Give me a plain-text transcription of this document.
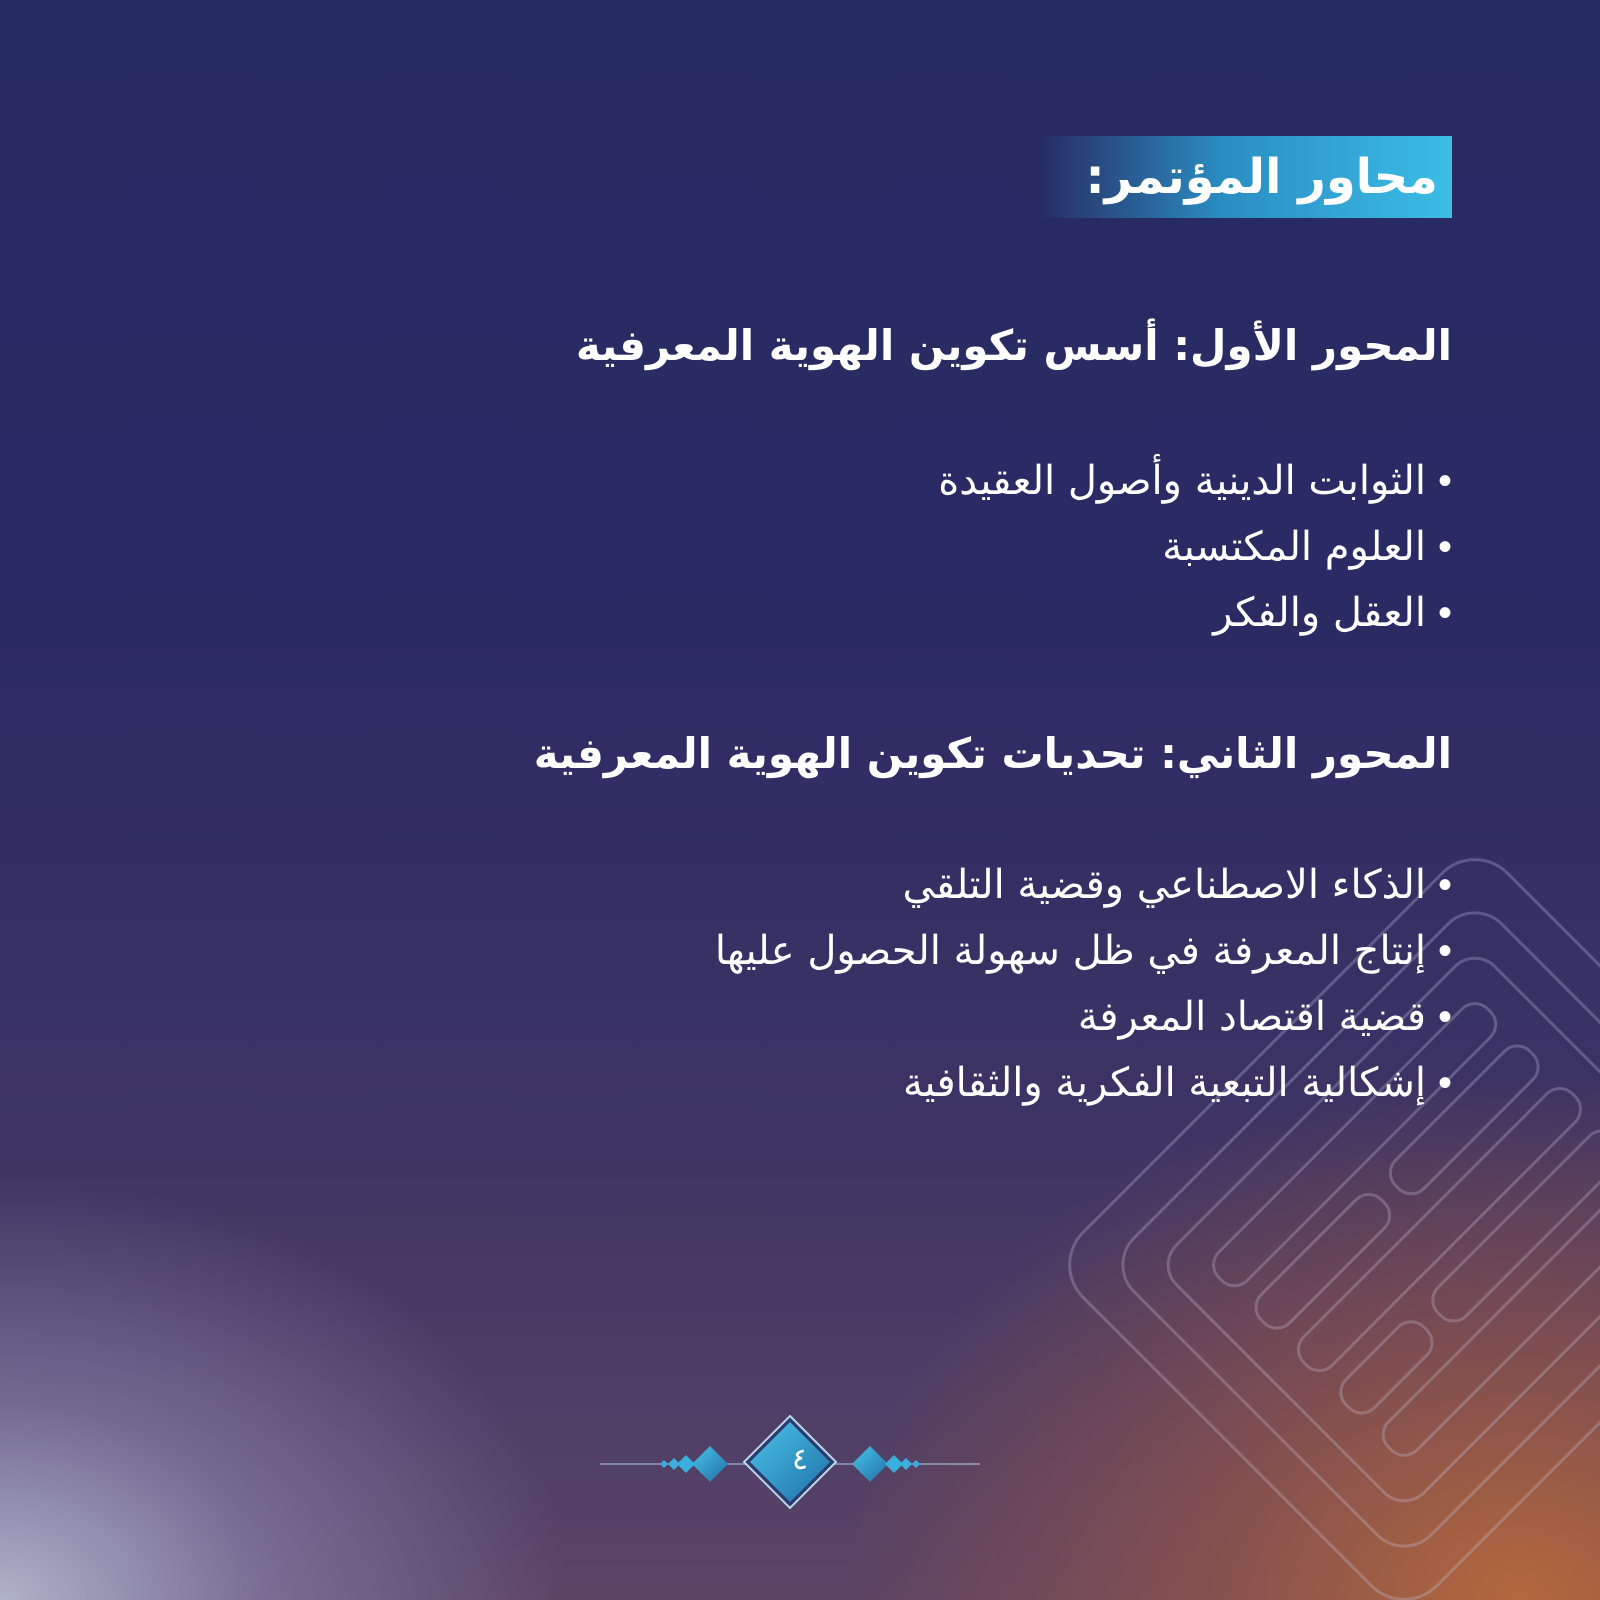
محاور المؤتمر:
المحور الأول: أسس تكوين الهوية المعرفية
•الثوابت الدينية وأصول العقيدة
•العلوم المكتسبة
•العقل والفكر
المحور الثاني: تحديات تكوين الهوية المعرفية
•الذكاء الاصطناعي وقضية التلقي
•إنتاج المعرفة في ظل سهولة الحصول عليها
•قضية اقتصاد المعرفة
•إشكالية التبعية الفكرية والثقافية
٤
